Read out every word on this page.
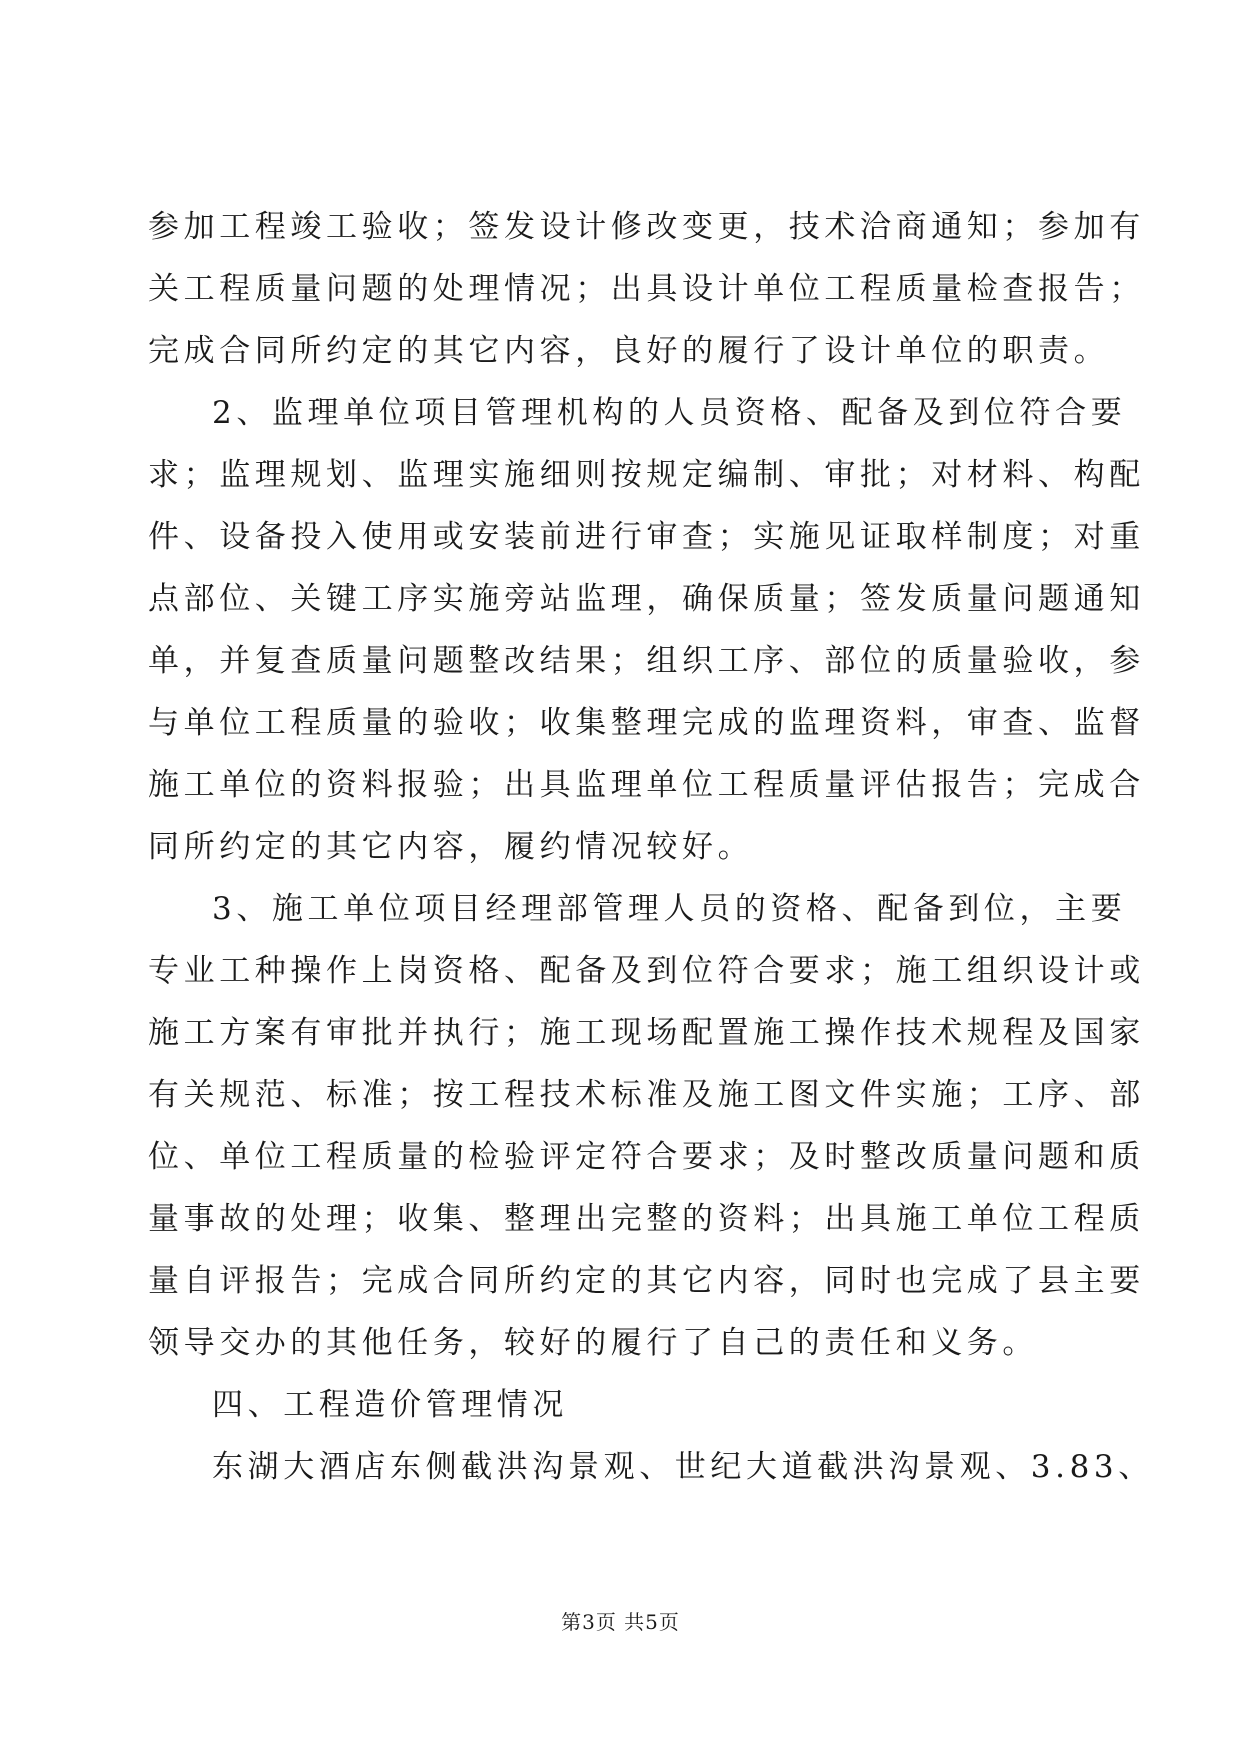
参加工程竣工验收；签发设计修改变更，技术洽商通知；参加有
关工程质量问题的处理情况；出具设计单位工程质量检查报告；
完成合同所约定的其它内容，良好的履行了设计单位的职责。
2、监理单位项目管理机构的人员资格、配备及到位符合要
求；监理规划、监理实施细则按规定编制、审批；对材料、构配
件、设备投入使用或安装前进行审查；实施见证取样制度；对重
点部位、关键工序实施旁站监理，确保质量；签发质量问题通知
单，并复查质量问题整改结果；组织工序、部位的质量验收，参
与单位工程质量的验收；收集整理完成的监理资料，审查、监督
施工单位的资料报验；出具监理单位工程质量评估报告；完成合
同所约定的其它内容，履约情况较好。
3、施工单位项目经理部管理人员的资格、配备到位，主要
专业工种操作上岗资格、配备及到位符合要求；施工组织设计或
施工方案有审批并执行；施工现场配置施工操作技术规程及国家
有关规范、标准；按工程技术标准及施工图文件实施；工序、部
位、单位工程质量的检验评定符合要求；及时整改质量问题和质
量事故的处理；收集、整理出完整的资料；出具施工单位工程质
量自评报告；完成合同所约定的其它内容，同时也完成了县主要
领导交办的其他任务，较好的履行了自己的责任和义务。
四、工程造价管理情况
东湖大酒店东侧截洪沟景观、世纪大道截洪沟景观、3.83、
第3页 共5页
